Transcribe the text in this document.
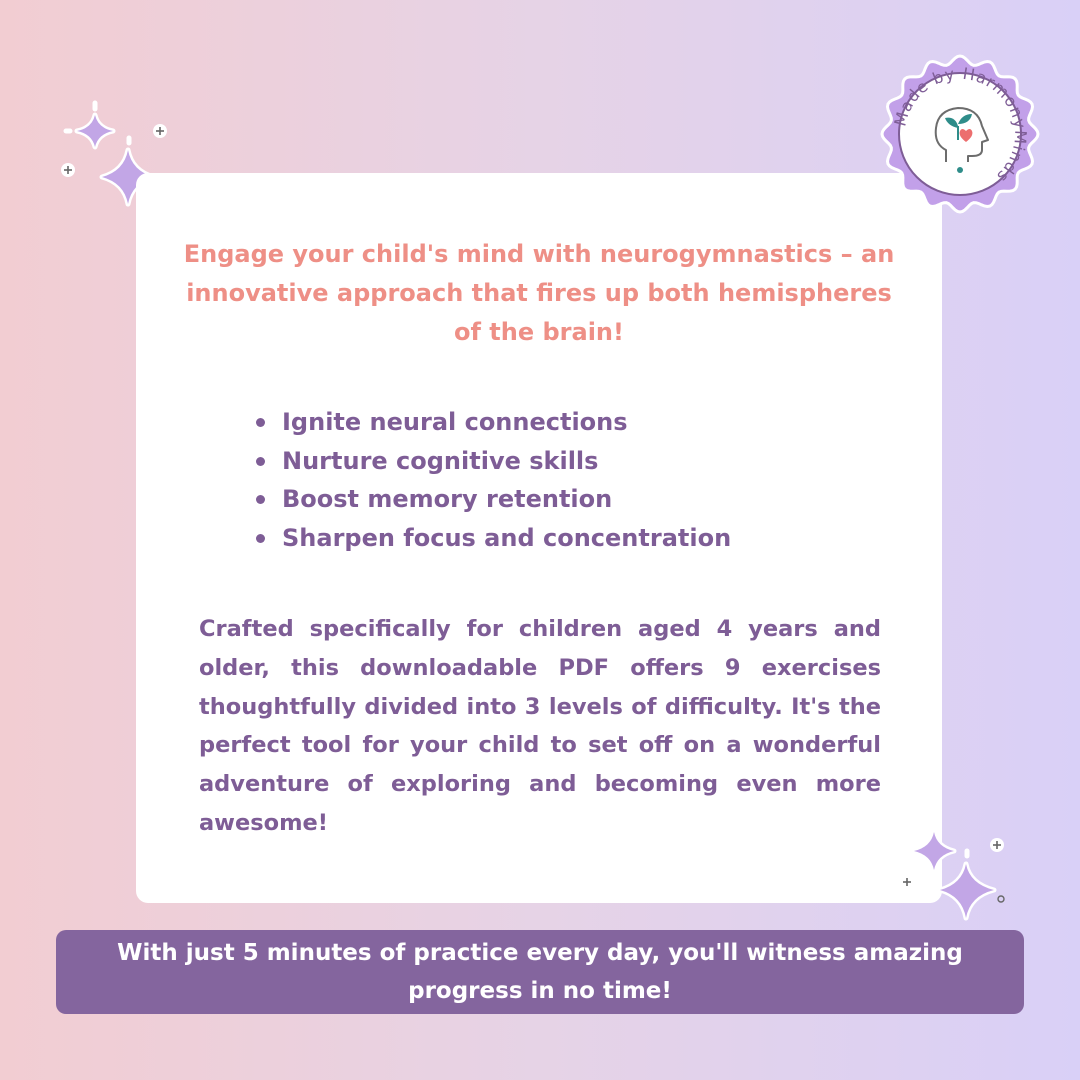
Engage your child's mind with neurogymnastics – an innovative approach that fires up both hemispheres of the brain!

Ignite neural connections
Nurture cognitive skills
Boost memory retention
Sharpen focus and concentration

Crafted specifically for children aged 4 years and older, this downloadable PDF offers 9 exercises thoughtfully divided into 3 levels of difficulty. It's the perfect tool for your child to set off on a wonderful adventure of exploring and becoming even more awesome!

Made by HarmonyMinds

With just 5 minutes of practice every day, you'll witness amazing progress in no time!
